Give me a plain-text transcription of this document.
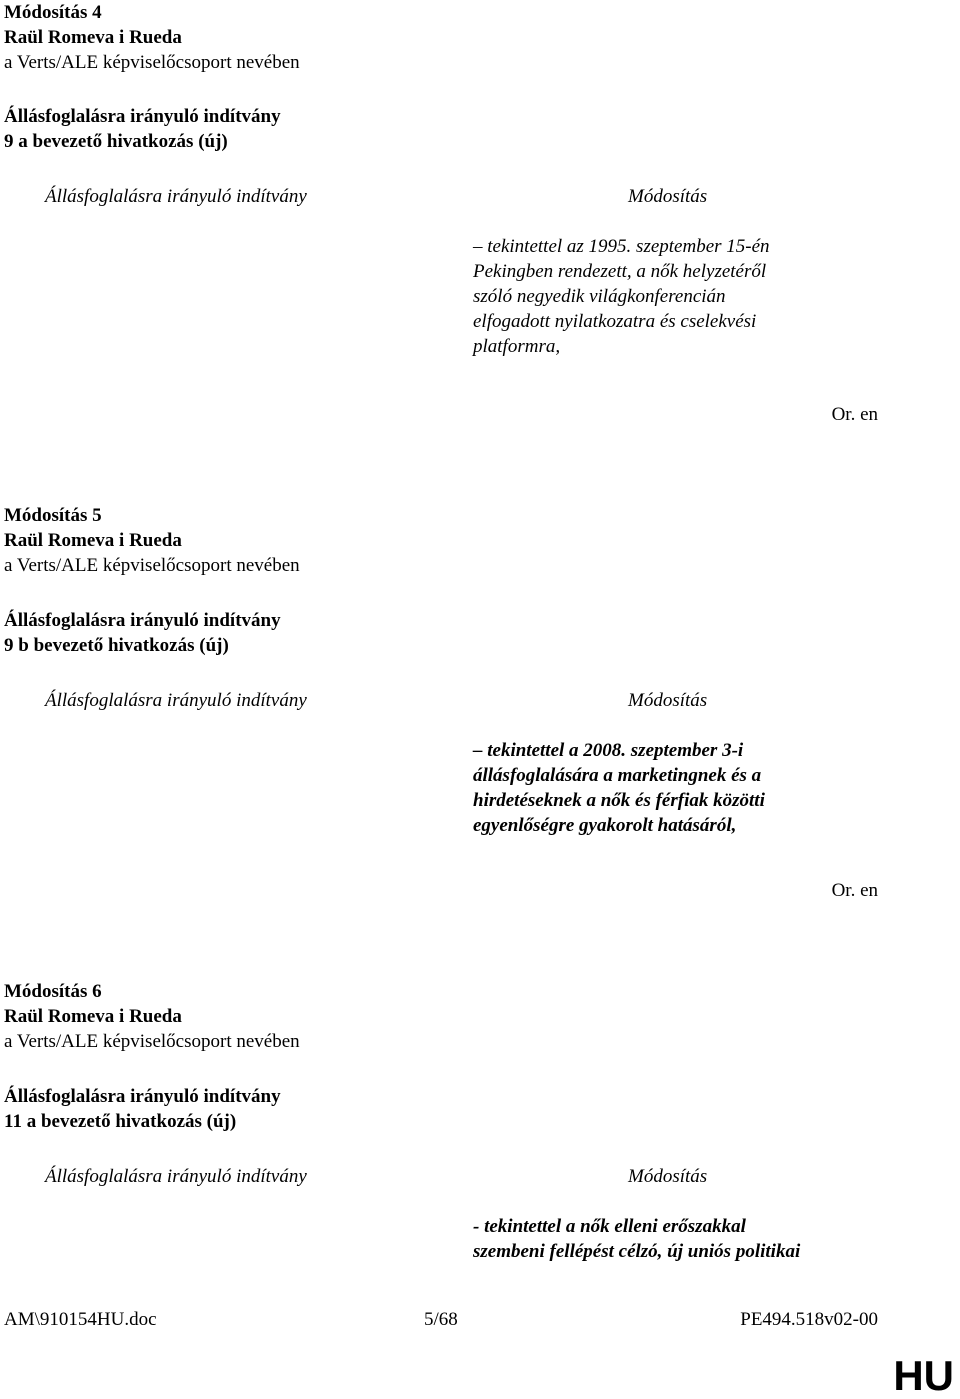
Módosítás 4
Raül Romeva i Rueda
a Verts/ALE képviselőcsoport nevében
Állásfoglalásra irányuló indítvány
9 a bevezető hivatkozás (új)
Állásfoglalásra irányuló indítvány	Módosítás
– tekintettel az 1995. szeptember 15-én
Pekingben rendezett, a nők helyzetéről
szóló negyedik világkonferencián
elfogadott nyilatkozatra és cselekvési
platformra,
Or. en
Módosítás 5
Raül Romeva i Rueda
a Verts/ALE képviselőcsoport nevében
Állásfoglalásra irányuló indítvány
9 b bevezető hivatkozás (új)
Állásfoglalásra irányuló indítvány	Módosítás
– tekintettel a 2008. szeptember 3-i
állásfoglalására a marketingnek és a
hirdetéseknek a nők és férfiak közötti
egyenlőségre gyakorolt hatásáról,
Or. en
Módosítás 6
Raül Romeva i Rueda
a Verts/ALE képviselőcsoport nevében
Állásfoglalásra irányuló indítvány
11 a bevezető hivatkozás (új)
Állásfoglalásra irányuló indítvány	Módosítás
- tekintettel a nők elleni erőszakkal
szembeni fellépést célzó, új uniós politikai
AM\910154HU.doc	5/68	PE494.518v02-00
HU
